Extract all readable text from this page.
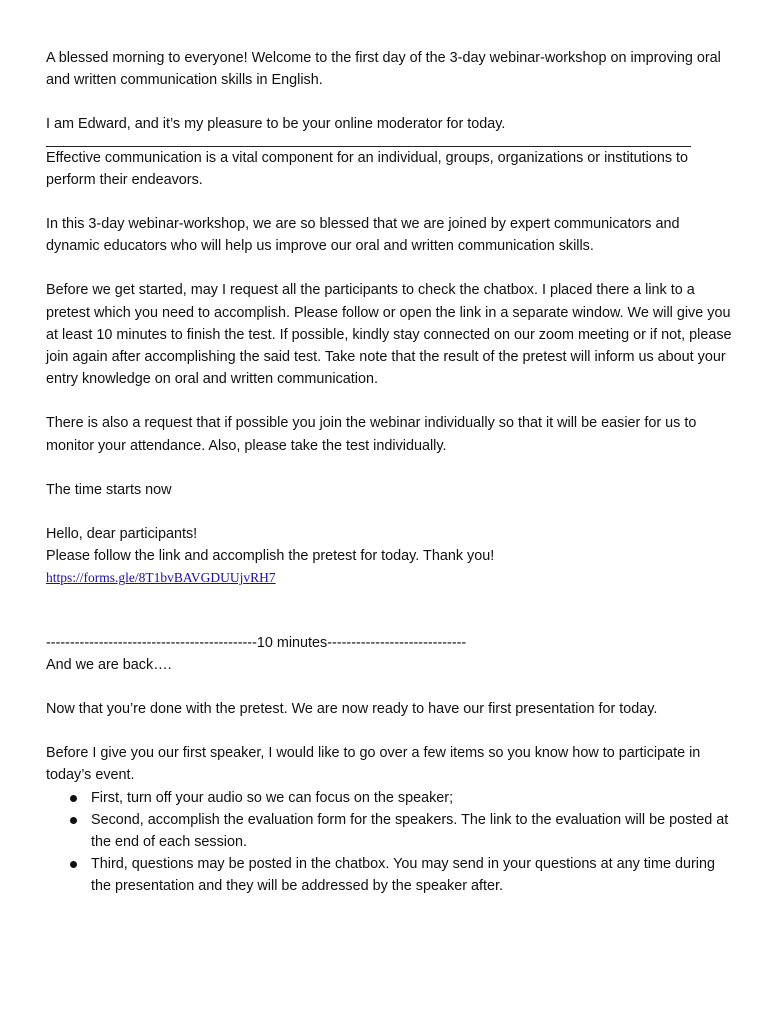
A blessed morning to everyone! Welcome to the first day of the 3-day webinar-workshop on improving oral and written communication skills in English.

I am Edward, and it’s my pleasure to be your online moderator for today.

Effective communication is a vital component for an individual, groups, organizations or institutions to perform their endeavors.

In this 3-day webinar-workshop, we are so blessed that we are joined by expert communicators and dynamic educators who will help us improve our oral and written communication skills.

Before we get started, may I request all the participants to check the chatbox. I placed there a link to a pretest which you need to accomplish. Please follow or open the link in a separate window. We will give you at least 10 minutes to finish the test. If possible, kindly stay connected on our zoom meeting or if not, please join again after accomplishing the said test. Take note that the result of the pretest will inform us about your entry knowledge on oral and written communication.

There is also a request that if possible you join the webinar individually so that it will be easier for us to monitor your attendance. Also, please take the test individually.

The time starts now

Hello, dear participants!

Please follow the link and accomplish the pretest for today. Thank you!

https://forms.gle/8T1bvBAVGDUUjvRH7

--------------------------------------------10 minutes-----------------------------

And we are back….

Now that you’re done with the pretest. We are now ready to have our first presentation for today.

Before I give you our first speaker, I would like to go over a few items so you know how to participate in today’s event.

First, turn off your audio so we can focus on the speaker;
Second, accomplish the evaluation form for the speakers. The link to the evaluation will be posted at the end of each session.
Third, questions may be posted in the chatbox. You may send in your questions at any time during the presentation and they will be addressed by the speaker after.
